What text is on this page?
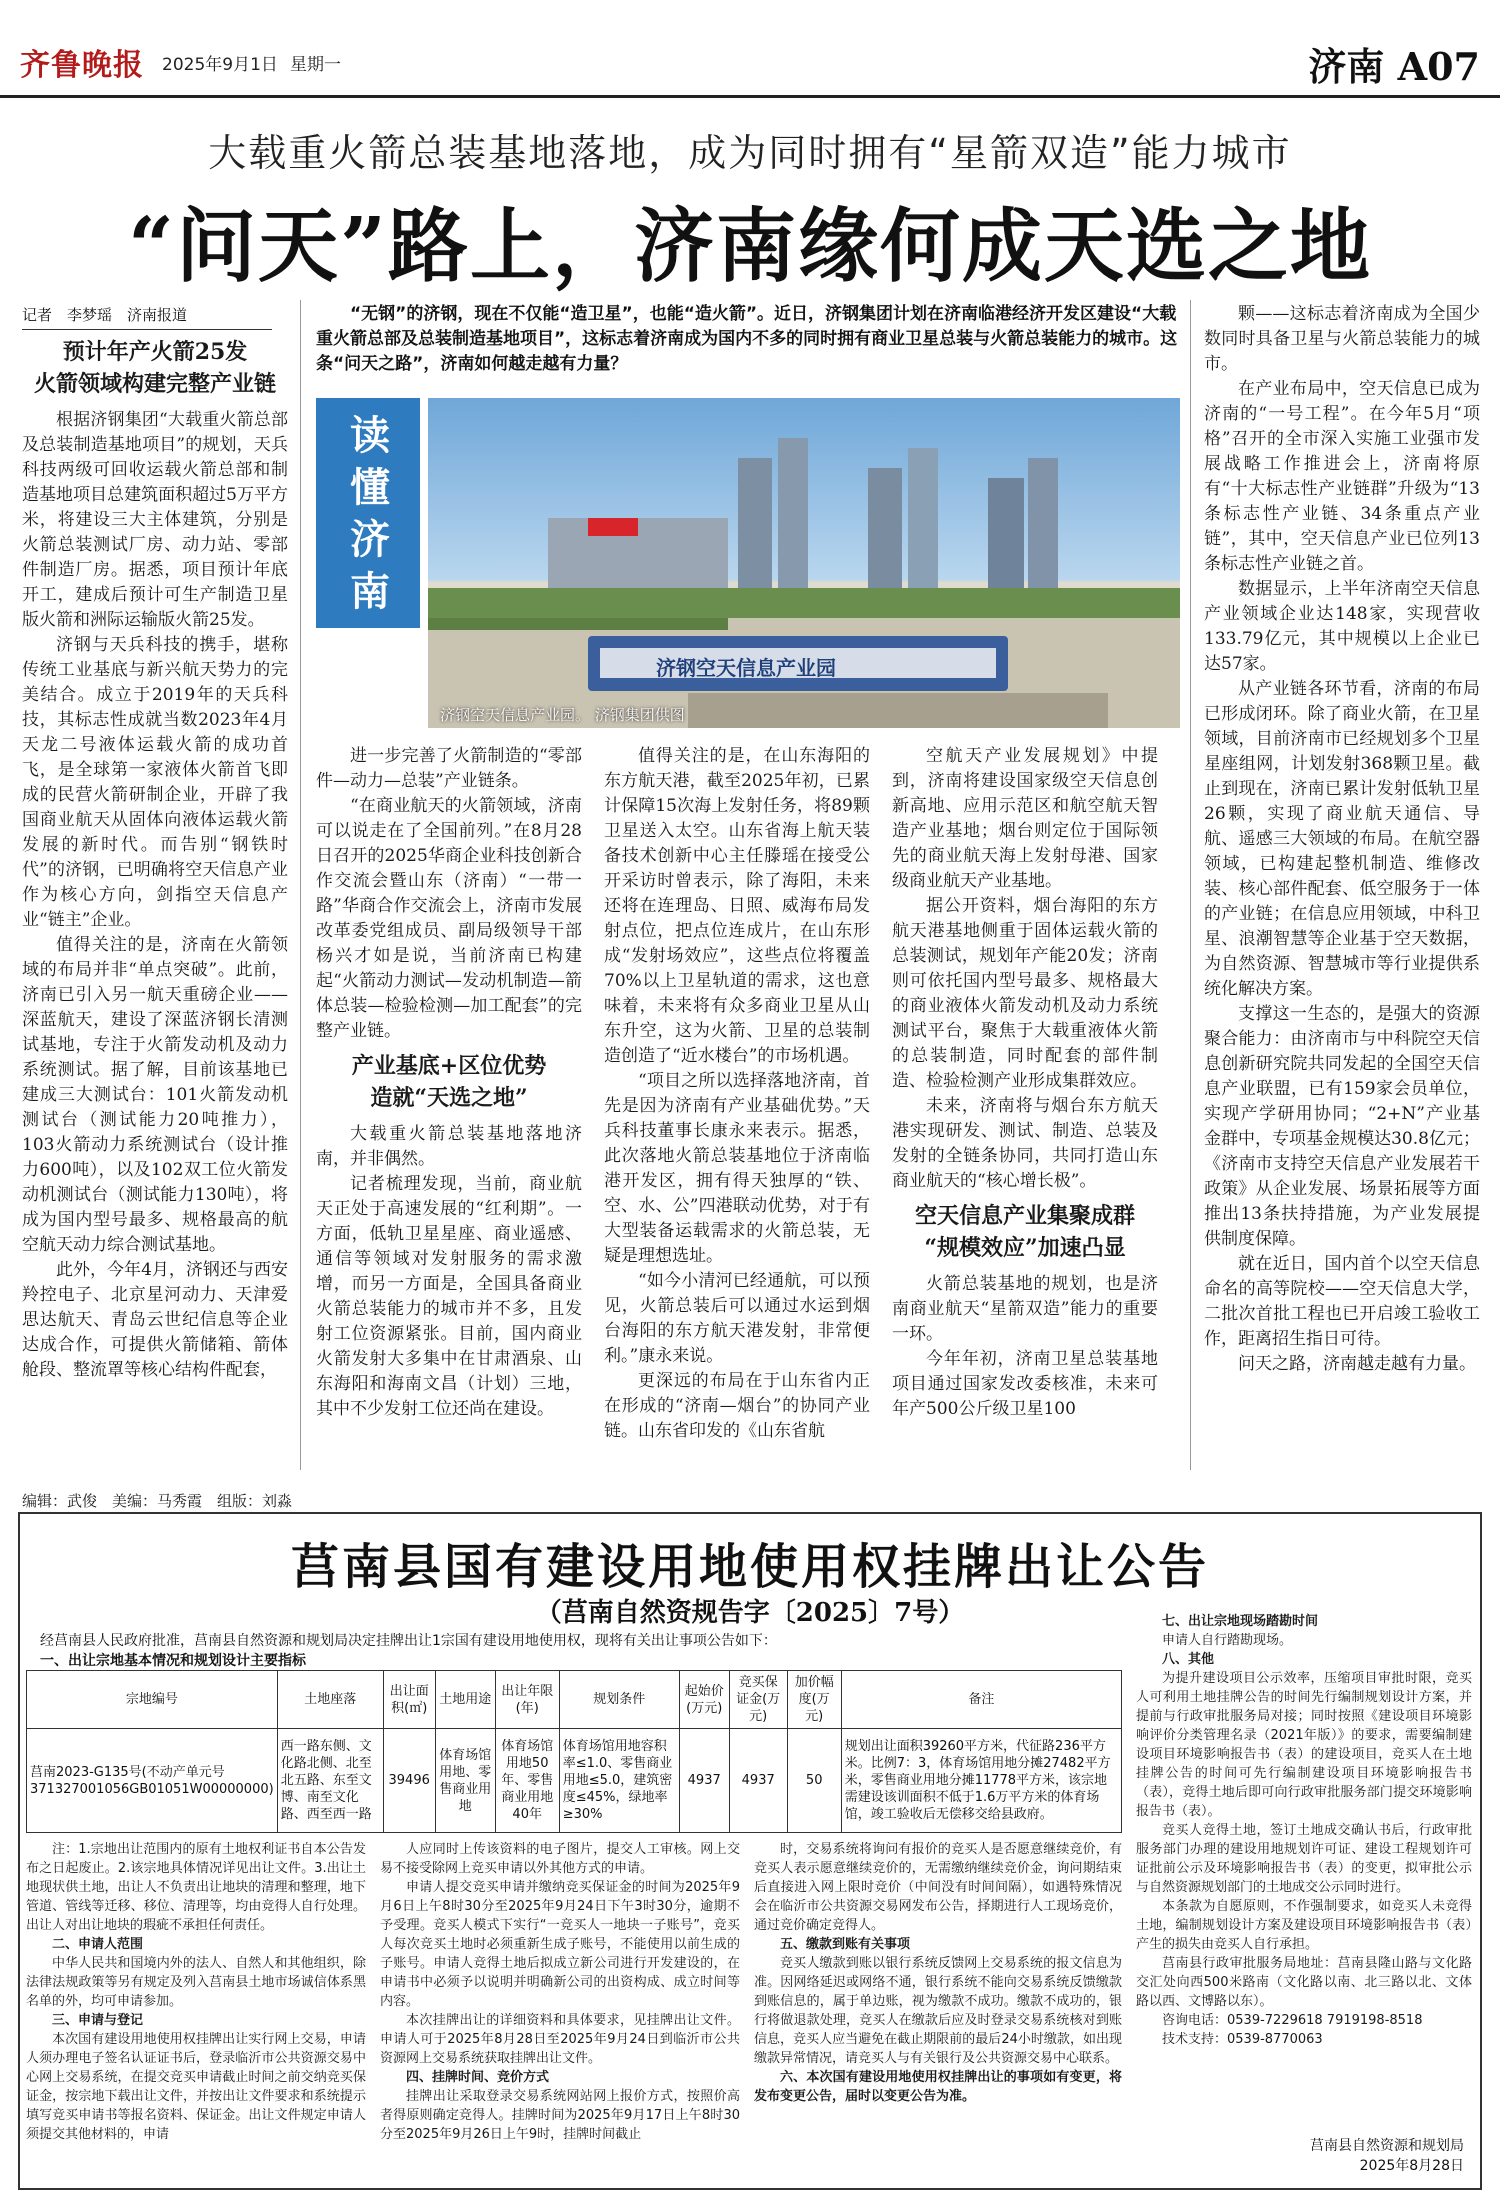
齐鲁晚报 2025年9月1日 星期一	济南 A07
大载重火箭总装基地落地，成为同时拥有“星箭双造”能力城市
“问天”路上，济南缘何成天选之地
记者　李梦瑶　济南报道	“无钢”的济钢，现在不仅能“造卫星”，也能“造火箭”。近日，济钢集团计划在济南临港经济开发区建设“大载重火箭总部及总装制造基地项目”，这标志着济南成为国内不多的同时拥有商业卫星总装与火箭总装能力的城市。这条“问天之路”，济南如何越走越有力量？
读懂济南
济钢空天信息产业园
济钢空天信息产业园。 济钢集团供图
预计年产火箭25发
火箭领域构建完整产业链

根据济钢集团“大载重火箭总部及总装制造基地项目”的规划，天兵科技两级可回收运载火箭总部和制造基地项目总建筑面积超过5万平方米，将建设三大主体建筑，分别是火箭总装测试厂房、动力站、零部件制造厂房。据悉，项目预计年底开工，建成后预计可生产制造卫星版火箭和洲际运输版火箭25发。

济钢与天兵科技的携手，堪称传统工业基底与新兴航天势力的完美结合。成立于2019年的天兵科技，其标志性成就当数2023年4月天龙二号液体运载火箭的成功首飞，是全球第一家液体火箭首飞即成的民营火箭研制企业，开辟了我国商业航天从固体向液体运载火箭发展的新时代。而告别“钢铁时代”的济钢，已明确将空天信息产业作为核心方向，剑指空天信息产业“链主”企业。

值得关注的是，济南在火箭领域的布局并非“单点突破”。此前，济南已引入另一航天重磅企业——深蓝航天，建设了深蓝济钢长清测试基地，专注于火箭发动机及动力系统测试。据了解，目前该基地已建成三大测试台：101火箭发动机测试台（测试能力20吨推力），103火箭动力系统测试台（设计推力600吨），以及102双工位火箭发动机测试台（测试能力130吨），将成为国内型号最多、规格最高的航空航天动力综合测试基地。

此外，今年4月，济钢还与西安羚控电子、北京星河动力、天津爱思达航天、青岛云世纪信息等企业达成合作，可提供火箭储箱、箭体舱段、整流罩等核心结构件配套，

进一步完善了火箭制造的“零部件—动力—总装”产业链条。

“在商业航天的火箭领域，济南可以说走在了全国前列。”在8月28日召开的2025华商企业科技创新合作交流会暨山东（济南）“一带一路”华商合作交流会上，济南市发展改革委党组成员、副局级领导干部杨兴才如是说，当前济南已构建起“火箭动力测试—发动机制造—箭体总装—检验检测—加工配套”的完整产业链。

产业基底+区位优势
造就“天选之地”

大载重火箭总装基地落地济南，并非偶然。

记者梳理发现，当前，商业航天正处于高速发展的“红利期”。一方面，低轨卫星星座、商业遥感、通信等领域对发射服务的需求激增，而另一方面是，全国具备商业火箭总装能力的城市并不多，且发射工位资源紧张。目前，国内商业火箭发射大多集中在甘肃酒泉、山东海阳和海南文昌（计划）三地，其中不少发射工位还尚在建设。

值得关注的是，在山东海阳的东方航天港，截至2025年初，已累计保障15次海上发射任务，将89颗卫星送入太空。山东省海上航天装备技术创新中心主任滕瑶在接受公开采访时曾表示，除了海阳，未来还将在连理岛、日照、威海布局发射点位，把点位连成片，在山东形成“发射场效应”，这些点位将覆盖70%以上卫星轨道的需求，这也意味着，未来将有众多商业卫星从山东升空，这为火箭、卫星的总装制造创造了“近水楼台”的市场机遇。

“项目之所以选择落地济南，首先是因为济南有产业基础优势。”天兵科技董事长康永来表示。据悉，此次落地火箭总装基地位于济南临港开发区，拥有得天独厚的“铁、空、水、公”四港联动优势，对于有大型装备运载需求的火箭总装，无疑是理想选址。

“如今小清河已经通航，可以预见，火箭总装后可以通过水运到烟台海阳的东方航天港发射，非常便利。”康永来说。

更深远的布局在于山东省内正在形成的“济南—烟台”的协同产业链。山东省印发的《山东省航

空航天产业发展规划》中提到，济南将建设国家级空天信息创新高地、应用示范区和航空航天智造产业基地；烟台则定位于国际领先的商业航天海上发射母港、国家级商业航天产业基地。

据公开资料，烟台海阳的东方航天港基地侧重于固体运载火箭的总装测试，规划年产能20发；济南则可依托国内型号最多、规格最大的商业液体火箭发动机及动力系统测试平台，聚焦于大载重液体火箭的总装制造，同时配套的部件制造、检验检测产业形成集群效应。

未来，济南将与烟台东方航天港实现研发、测试、制造、总装及发射的全链条协同，共同打造山东商业航天的“核心增长极”。

空天信息产业集聚成群
“规模效应”加速凸显

火箭总装基地的规划，也是济南商业航天“星箭双造”能力的重要一环。

今年年初，济南卫星总装基地项目通过国家发改委核准，未来可年产500公斤级卫星100

颗——这标志着济南成为全国少数同时具备卫星与火箭总装能力的城市。

在产业布局中，空天信息已成为济南的“一号工程”。在今年5月“项格”召开的全市深入实施工业强市发展战略工作推进会上，济南将原有“十大标志性产业链群”升级为“13条标志性产业链、34条重点产业链”，其中，空天信息产业已位列13条标志性产业链之首。

数据显示，上半年济南空天信息产业领域企业达148家，实现营收133.79亿元，其中规模以上企业已达57家。

从产业链各环节看，济南的布局已形成闭环。除了商业火箭，在卫星领域，目前济南市已经规划多个卫星星座组网，计划发射368颗卫星。截止到现在，济南已累计发射低轨卫星26颗，实现了商业航天通信、导航、遥感三大领域的布局。在航空器领域，已构建起整机制造、维修改装、核心部件配套、低空服务于一体的产业链；在信息应用领域，中科卫星、浪潮智慧等企业基于空天数据，为自然资源、智慧城市等行业提供系统化解决方案。

支撑这一生态的，是强大的资源聚合能力：由济南市与中科院空天信息创新研究院共同发起的全国空天信息产业联盟，已有159家会员单位，实现产学研用协同；“2+N”产业基金群中，专项基金规模达30.8亿元；《济南市支持空天信息产业发展若干政策》从企业发展、场景拓展等方面推出13条扶持措施，为产业发展提供制度保障。

就在近日，国内首个以空天信息命名的高等院校——空天信息大学，二批次首批工程也已开启竣工验收工作，距离招生指日可待。

问天之路，济南越走越有力量。

编辑：武俊　美编：马秀霞　组版：刘淼
莒南县国有建设用地使用权挂牌出让公告
（莒南自然资规告字〔2025〕7号）
经莒南县人民政府批准，莒南县自然资源和规划局决定挂牌出让1宗国有建设用地使用权，现将有关出让事项公告如下：
一、出让宗地基本情况和规划设计主要指标
宗地编号	土地座落	出让面积(㎡)	土地用途	出让年限(年)	规划条件	起始价(万元)	竞买保证金(万元)	加价幅度(万元)	备注
莒南2023-G135号(不动产单元号371327001056GB01051W00000000)	西一路东侧、文化路北侧、北至北五路、东至文博、南至文化路、西至西一路	39496	体育场馆用地、零售商业用地	体育场馆用地50年、零售商业用地40年	体育场馆用地容积率≤1.0、零售商业用地≤5.0，建筑密度≤45%，绿地率≥30%	4937	4937	50	规划出让面积39260平方米，代征路236平方米。比例7：3，体育场馆用地分摊27482平方米，零售商业用地分摊11778平方米，该宗地需建设该训面积不低于1.6万平方米的体育场馆，竣工验收后无偿移交给县政府。

注：1.宗地出让范围内的原有土地权利证书自本公告发布之日起废止。2.该宗地具体情况详见出让文件。3.出让土地现状供土地，出让人不负责出让地块的清理和整理，地下管道、管线等迁移、移位、清理等，均由竞得人自行处理。出让人对出让地块的瑕疵不承担任何责任。

二、申请人范围

中华人民共和国境内外的法人、自然人和其他组织，除法律法规政策等另有规定及列入莒南县土地市场诚信体系黑名单的外，均可申请参加。

三、申请与登记

本次国有建设用地使用权挂牌出让实行网上交易，申请人须办理电子签名认证证书后，登录临沂市公共资源交易中心网上交易系统，在提交竞买申请截止时间之前交纳竞买保证金，按宗地下载出让文件，并按出让文件要求和系统提示填写竞买申请书等报名资料、保证金。出让文件规定申请人须提交其他材料的，申请

人应同时上传该资料的电子图片，提交人工审核。网上交易不接受除网上竞买申请以外其他方式的申请。

申请人提交竞买申请并缴纳竞买保证金的时间为2025年9月6日上午8时30分至2025年9月24日下午3时30分，逾期不予受理。竞买人模式下实行“一竞买人一地块一子账号”，竞买人每次竞买土地时必须重新生成子账号，不能使用以前生成的子账号。申请人竞得土地后拟成立新公司进行开发建设的，在申请书中必须予以说明并明确新公司的出资构成、成立时间等内容。

本次挂牌出让的详细资料和具体要求，见挂牌出让文件。申请人可于2025年8月28日至2025年9月24日到临沂市公共资源网上交易系统获取挂牌出让文件。

四、挂牌时间、竞价方式

挂牌出让采取登录交易系统网站网上报价方式，按照价高者得原则确定竞得人。挂牌时间为2025年9月17日上午8时30分至2025年9月26日上午9时，挂牌时间截止

时，交易系统将询问有报价的竞买人是否愿意继续竞价，有竞买人表示愿意继续竞价的，无需缴纳继续竞价金，询问期结束后直接进入网上限时竞价（中间没有时间间隔），如遇特殊情况会在临沂市公共资源交易网发布公告，择期进行人工现场竞价，通过竞价确定竞得人。

五、缴款到账有关事项

竞买人缴款到账以银行系统反馈网上交易系统的报文信息为准。因网络延迟或网络不通，银行系统不能向交易系统反馈缴款到账信息的，属于单边账，视为缴款不成功。缴款不成功的，银行将做退款处理，竞买人在缴款后应及时登录交易系统核对到账信息，竞买人应当避免在截止期限前的最后24小时缴款，如出现缴款异常情况，请竞买人与有关银行及公共资源交易中心联系。

六、本次国有建设用地使用权挂牌出让的事项如有变更，将发布变更公告，届时以变更公告为准。

七、出让宗地现场踏勘时间

申请人自行踏勘现场。

八、其他

为提升建设项目公示效率，压缩项目审批时限，竞买人可利用土地挂牌公告的时间先行编制规划设计方案，并提前与行政审批服务局对接；同时按照《建设项目环境影响评价分类管理名录（2021年版）》的要求，需要编制建设项目环境影响报告书（表）的建设项目，竞买人在土地挂牌公告的时间可先行编制建设项目环境影响报告书（表），竞得土地后即可向行政审批服务部门提交环境影响报告书（表）。

竞买人竞得土地，签订土地成交确认书后，行政审批服务部门办理的建设用地规划许可证、建设工程规划许可证批前公示及环境影响报告书（表）的变更，拟审批公示与自然资源规划部门的土地成交公示同时进行。

本条款为自愿原则，不作强制要求，如竞买人未竞得土地，编制规划设计方案及建设项目环境影响报告书（表）产生的损失由竞买人自行承担。

莒南县行政审批服务局地址：莒南县隆山路与文化路交汇处向西500米路南（文化路以南、北三路以北、文体路以西、文博路以东）。

咨询电话：0539-7229618 7919198-8518

技术支持：0539-8770063

莒南县自然资源和规划局
2025年8月28日
